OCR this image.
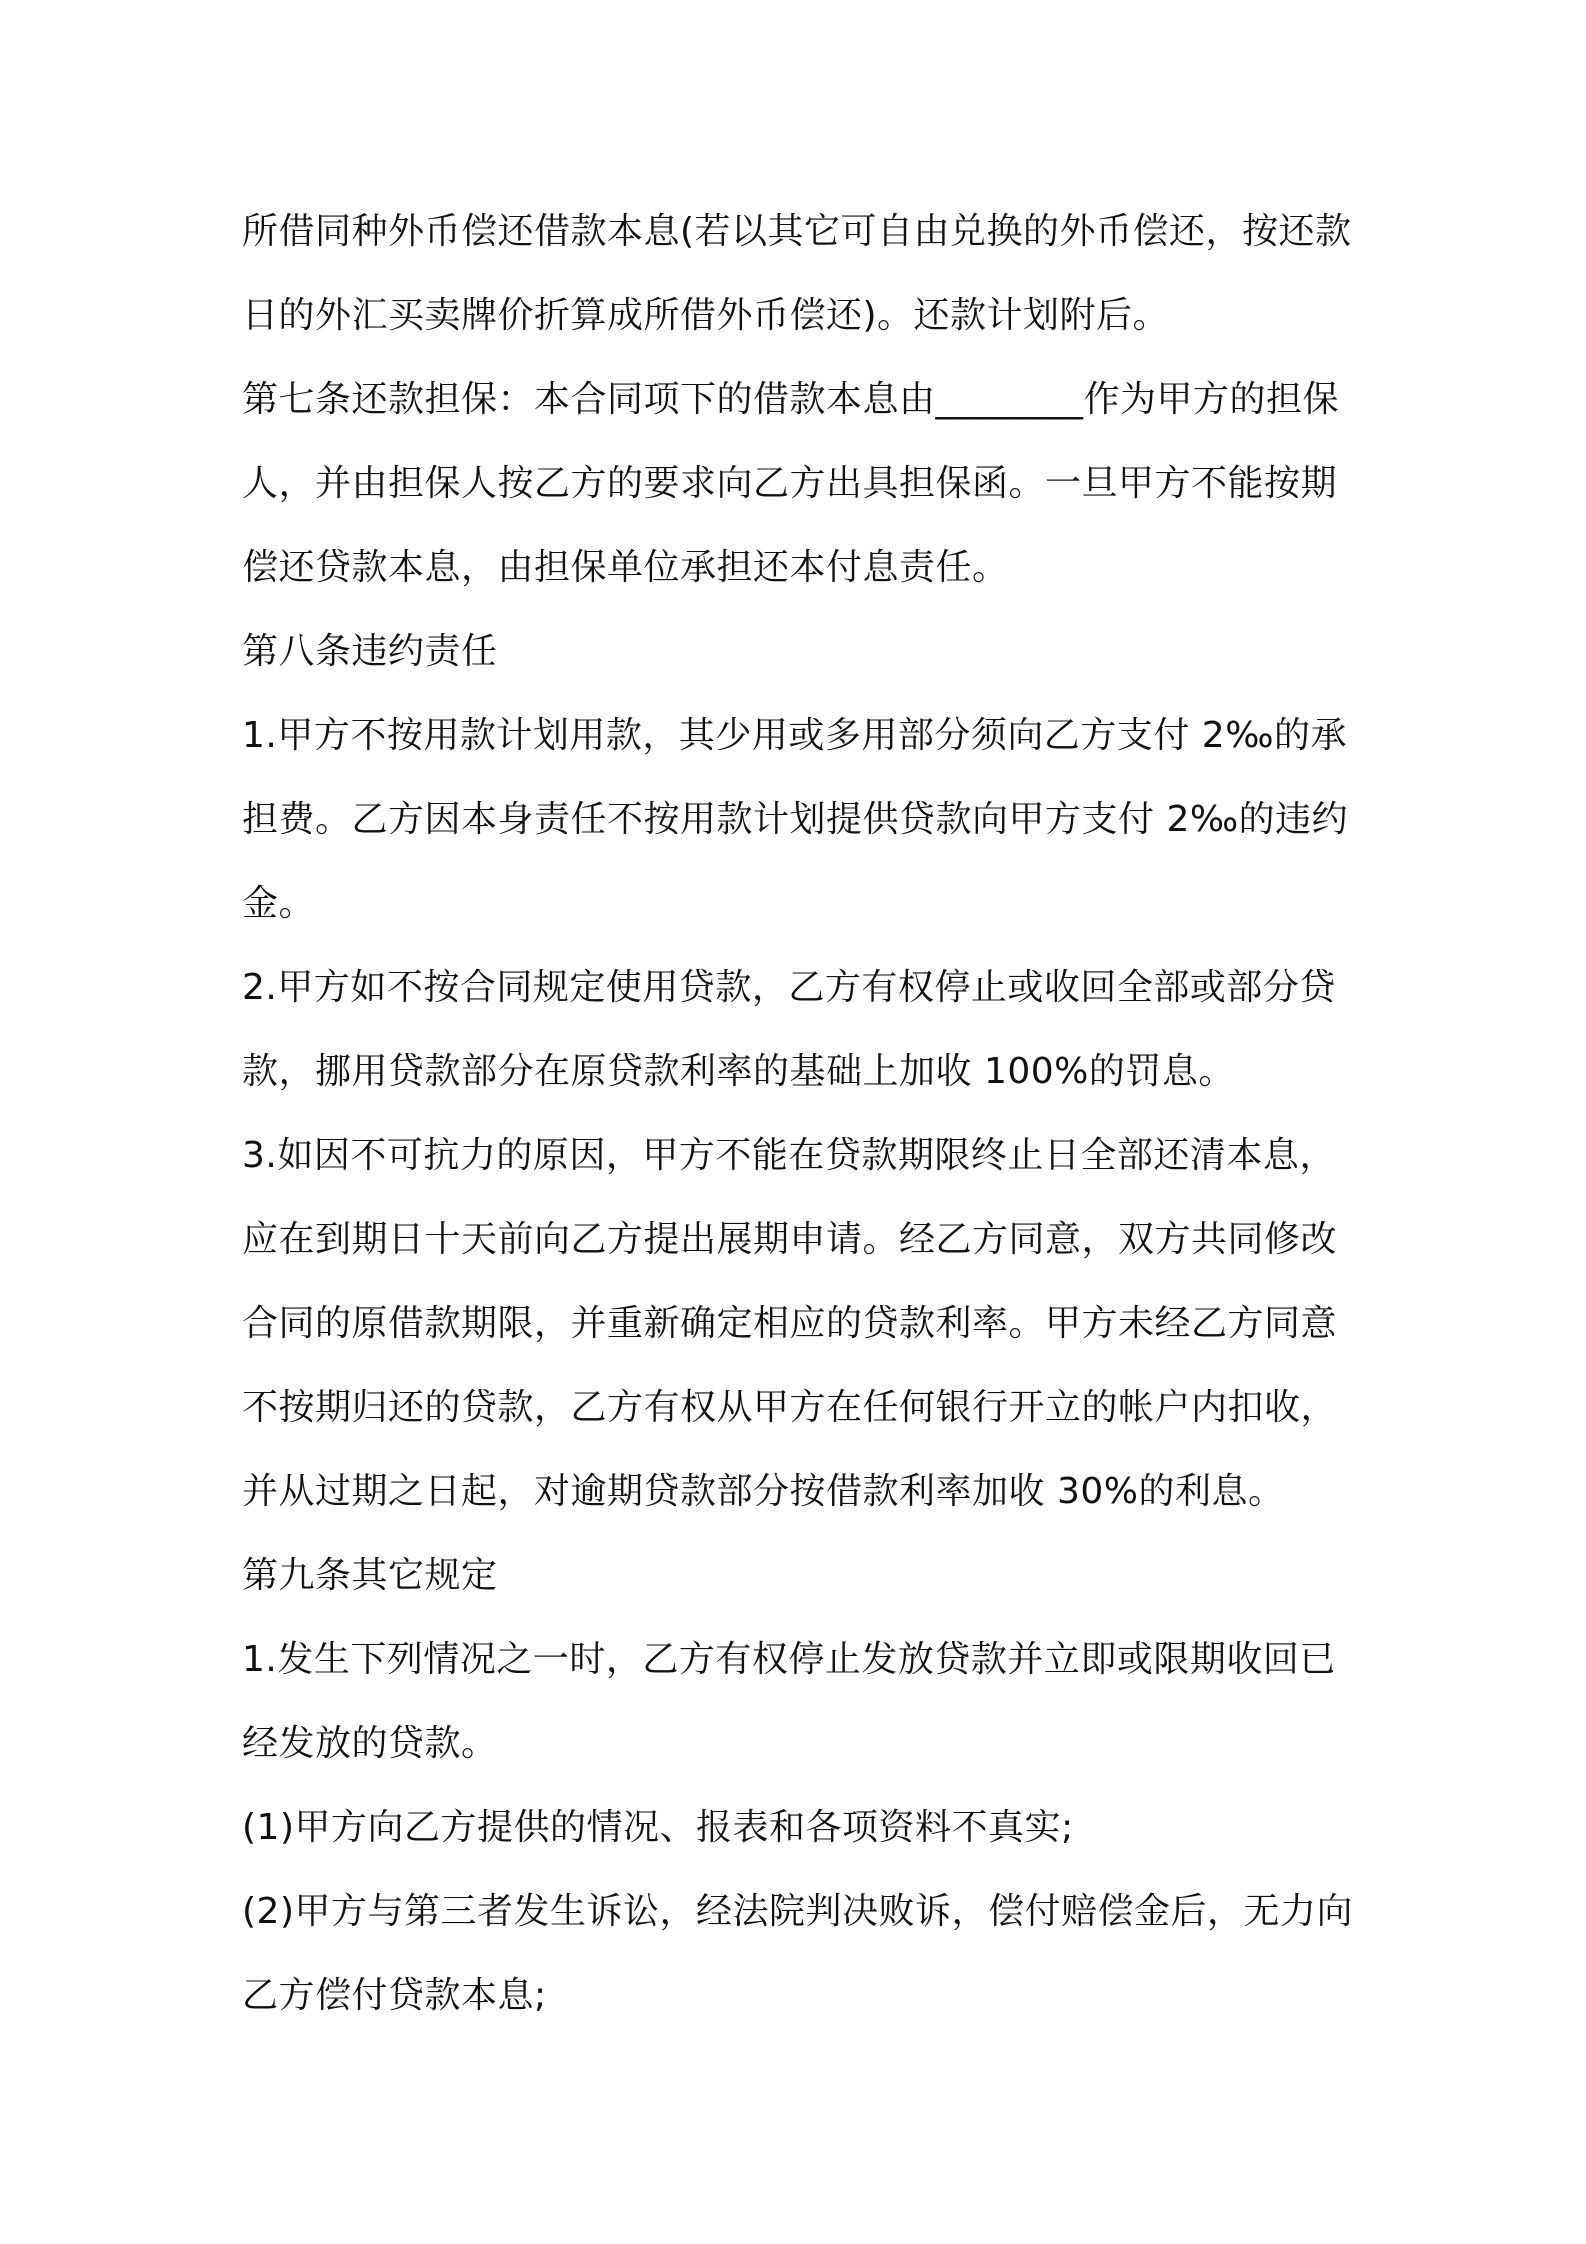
所借同种外币偿还借款本息(若以其它可自由兑换的外币偿还，按还款日的外汇买卖牌价折算成所借外币偿还)。还款计划附后。

第七条还款担保：本合同项下的借款本息由________作为甲方的担保人，并由担保人按乙方的要求向乙方出具担保函。一旦甲方不能按期偿还贷款本息，由担保单位承担还本付息责任。

第八条违约责任

1.甲方不按用款计划用款，其少用或多用部分须向乙方支付 2‰的承担费。乙方因本身责任不按用款计划提供贷款向甲方支付 2‰的违约金。

2.甲方如不按合同规定使用贷款，乙方有权停止或收回全部或部分贷款，挪用贷款部分在原贷款利率的基础上加收 100%的罚息。

3.如因不可抗力的原因，甲方不能在贷款期限终止日全部还清本息，应在到期日十天前向乙方提出展期申请。经乙方同意，双方共同修改合同的原借款期限，并重新确定相应的贷款利率。甲方未经乙方同意不按期归还的贷款，乙方有权从甲方在任何银行开立的帐户内扣收，并从过期之日起，对逾期贷款部分按借款利率加收 30%的利息。

第九条其它规定

1.发生下列情况之一时，乙方有权停止发放贷款并立即或限期收回已经发放的贷款。

(1)甲方向乙方提供的情况、报表和各项资料不真实;

(2)甲方与第三者发生诉讼，经法院判决败诉，偿付赔偿金后，无力向乙方偿付贷款本息;
